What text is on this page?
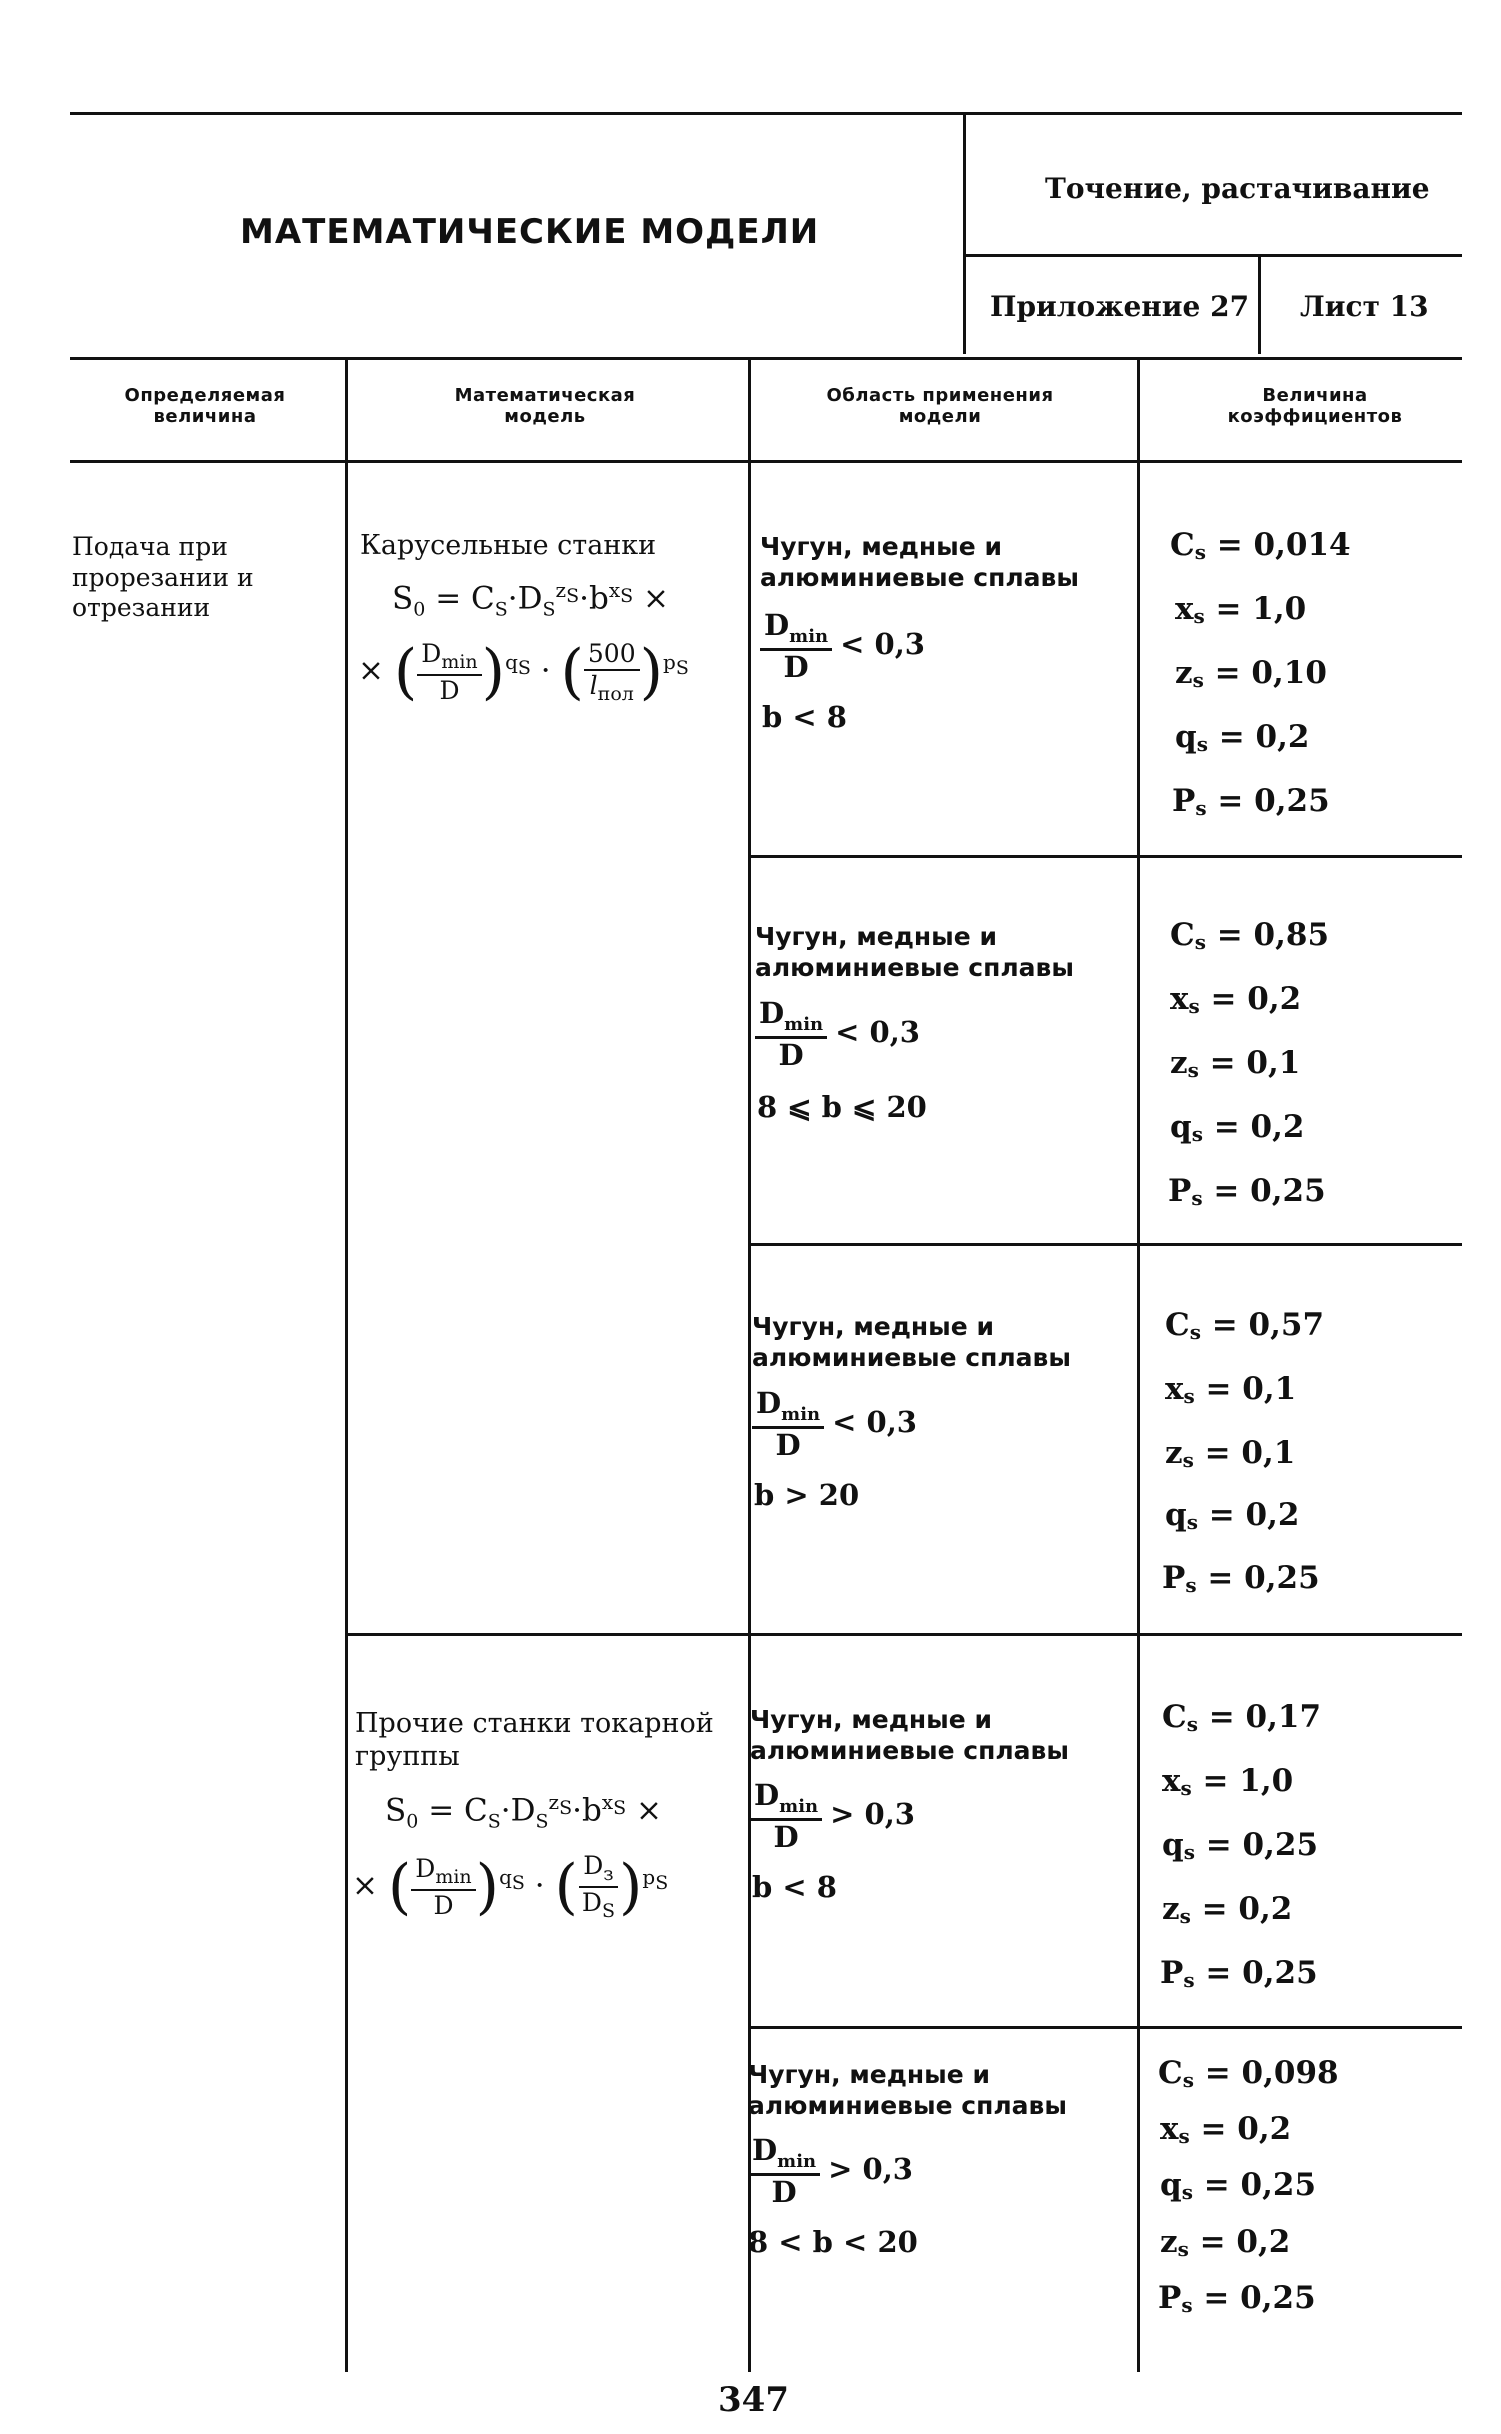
МАТЕМАТИЧЕСКИЕ МОДЕЛИ
Точение, растачивание
Приложение 27 Лист 13
Определяемая величина
Математическая модель
Область применения модели
Величина коэффициентов
Подача при прорезании и отрезании
Карусельные станки
$S_0 = C_S\cdot D_S^{z_S}\cdot b^{x_S}$ ×
× ( $\frac{D_{min}}{D} )^{q_S}$ · ( $\frac{500}{l_{пол}} )^{p_S}$
Прочие станки токарной группы
$S_0 = C_S\cdot D_S^{z_S}\cdot b^{x_S}$ ×
× ( $\frac{D_{min}}{D} )^{q_S}$ · ( $\frac{D_з}{D_S} )^{p_S}$
Чугун, медные и алюминиевые сплавы
$\frac{D_{min}}{D} < 0,3$
b < 8
$C_s = 0,014$
$x_s = 1,0$
$z_s = 0,10$
$q_s = 0,2$
$P_s = 0,25$
Чугун, медные и алюминиевые сплавы
$\frac{D_{min}}{D} < 0,3$
8 ⩽ b ⩽ 20
$C_s = 0,85$
$x_s = 0,2$
$z_s = 0,1$
$q_s = 0,2$
$P_s = 0,25$
Чугун, медные и алюминиевые сплавы
$\frac{D_{min}}{D} < 0,3$
b > 20
$C_s = 0,57$
$x_s = 0,1$
$z_s = 0,1$
$q_s = 0,2$
$P_s = 0,25$
Чугун, медные и алюминиевые сплавы
$\frac{D_{min}}{D} > 0,3$
b < 8
$C_s = 0,17$
$x_s = 1,0$
$q_s = 0,25$
$z_s = 0,2$
$P_s = 0,25$
Чугун, медные и алюминиевые сплавы
$\frac{D_{min}}{D} > 0,3$
8 < b < 20
$C_s = 0,098$
$x_s = 0,2$
$q_s = 0,25$
$z_s = 0,2$
$P_s = 0,25$
347
